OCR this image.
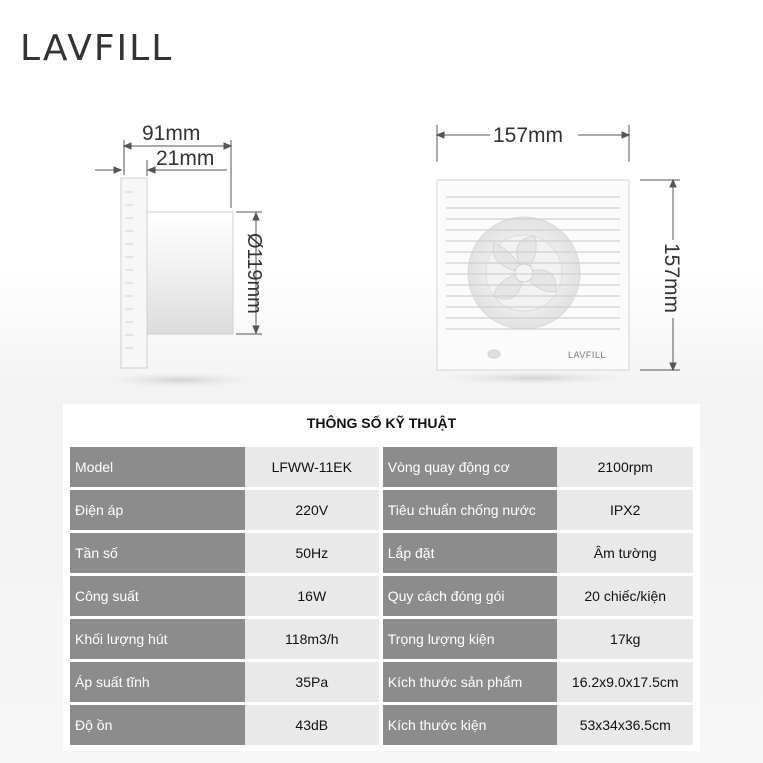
LAVFILL
91mm
21mm
Ø119mm
LAVFILL
157mm
157mm
THÔNG SỐ KỸ THUẬT
Model	LFWW-11EK		Vòng quay động cơ	2100rpm
Điện áp	220V		Tiêu chuẩn chống nước	IPX2
Tần số	50Hz		Lắp đặt	Âm tường
Công suất	16W		Quy cách đóng gói	20 chiếc/kiện
Khối lượng hút	118m3/h		Trọng lượng kiện	17kg
Áp suất tĩnh	35Pa		Kích thước sản phẩm	16.2x9.0x17.5cm
Độ ồn	43dB		Kích thước kiện	53x34x36.5cm
